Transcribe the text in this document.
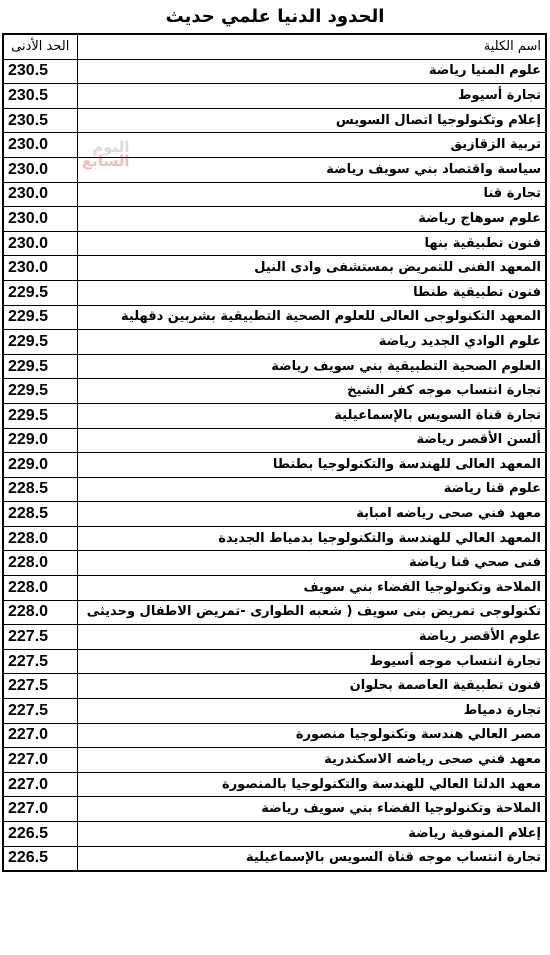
الحدود الدنيا علمي حديث
الحد الأدنى	اسم الكلية
230.5	علوم المنيا رياضة
230.5	تجارة أسيوط
230.5	إعلام وتكنولوجيا اتصال السويس
230.0	تربية الزقازيق
230.0	سياسة واقتصاد بني سويف رياضة
230.0	تجارة قنا
230.0	علوم سوهاج رياضة
230.0	فنون تطبيقية بنها
230.0	المعهد الفنى للتمريض بمستشفى وادى النيل
229.5	فنون تطبيقية طنطا
229.5	المعهد التكنولوجى العالى للعلوم الصحية التطبيقية بشربين دقهلية
229.5	علوم الوادي الجديد رياضة
229.5	العلوم الصحية التطبيقية بني سويف رياضة
229.5	تجارة انتساب موجه كفر الشيخ
229.5	تجارة قناة السويس بالإسماعيلية
229.0	ألسن الأقصر رياضة
229.0	المعهد العالى للهندسة والتكنولوجيا بطنطا
228.5	علوم قنا رياضة
228.5	معهد فني صحى رياضه امبابة
228.0	المعهد العالي للهندسة والتكنولوجيا بدمياط الجديدة
228.0	فنى صحي قنا رياضة
228.0	الملاحة وتكنولوجيا الفضاء بني سويف
228.0	تكنولوجى تمريض بنى سويف ( شعبه الطوارى -تمريض الاطفال وحديثى
227.5	علوم الأقصر رياضة
227.5	تجارة انتساب موجه أسيوط
227.5	فنون تطبيقية العاصمة بحلوان
227.5	تجارة دمياط
227.0	مصر العالي هندسة وتكنولوجيا منصورة
227.0	معهد فني صحى رياضه الاسكندرية
227.0	معهد الدلتا العالي للهندسة والتكنولوجيا بالمنصورة
227.0	الملاحة وتكنولوجيا الفضاء بني سويف رياضة
226.5	إعلام المنوفية رياضة
226.5	تجارة انتساب موجه قناة السويس بالإسماعيلية
اليوم
السابع
